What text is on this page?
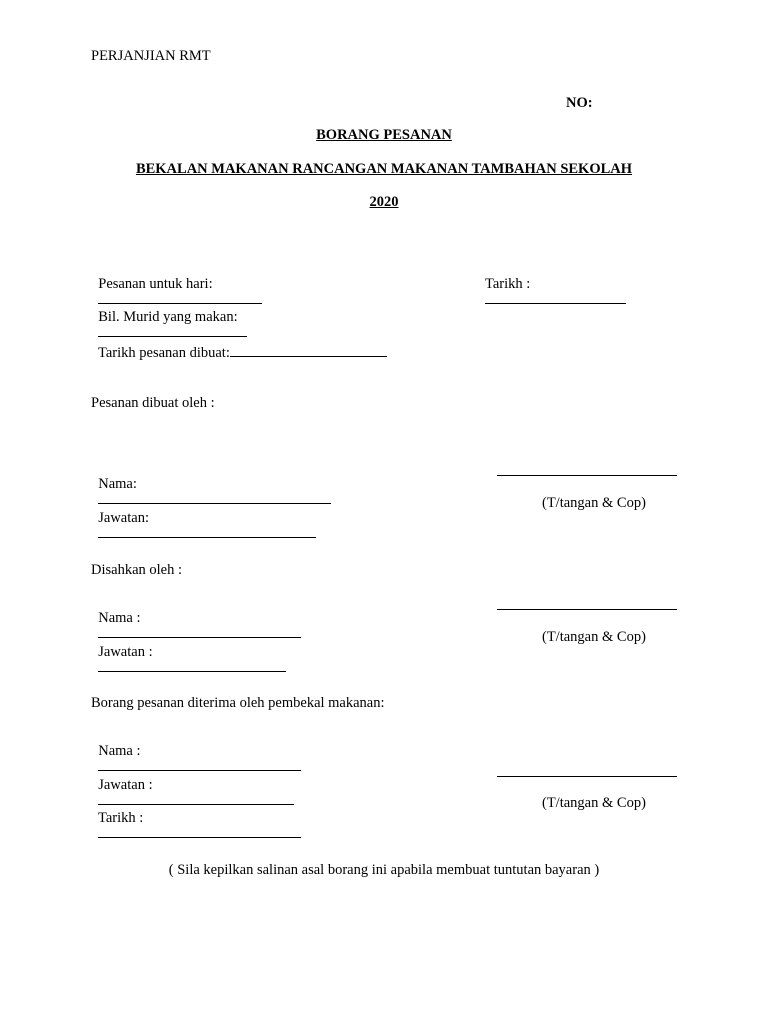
PERJANJIAN RMT
NO:
BORANG PESANAN
BEKALAN MAKANAN RANCANGAN MAKANAN TAMBAHAN SEKOLAH
2020

Pesanan untuk hari:
	Tarikh :

Bil. Murid yang makan:

Tarikh pesanan dibuat:

Pesanan dibuat oleh :

Nama:

Jawatan:

(T/tangan & Cop)
Disahkan oleh :

Nama :

Jawatan :

(T/tangan & Cop)
Borang pesanan diterima oleh pembekal makanan:

Nama :

Jawatan :

Tarikh :

(T/tangan & Cop)
( Sila kepilkan salinan asal borang ini apabila membuat tuntutan bayaran )
